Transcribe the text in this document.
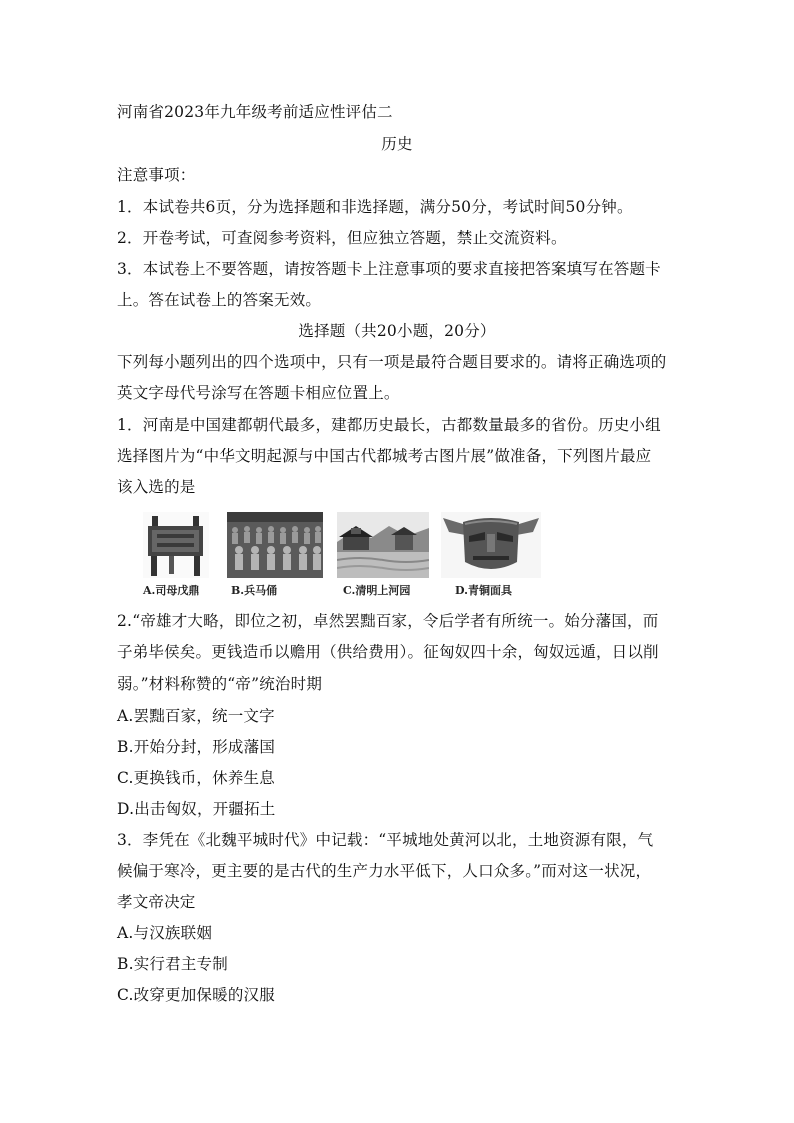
河南省2023年九年级考前适应性评估二
历史
注意事项：
1．本试卷共6页，分为选择题和非选择题，满分50分，考试时间50分钟。
2．开卷考试，可查阅参考资料，但应独立答题，禁止交流资料。
3．本试卷上不要答题，请按答题卡上注意事项的要求直接把答案填写在答题卡
上。答在试卷上的答案无效。
选择题（共20小题，20分）
下列每小题列出的四个选项中，只有一项是最符合题目要求的。请将正确选项的
英文字母代号涂写在答题卡相应位置上。
1．河南是中国建都朝代最多，建都历史最长，古都数量最多的省份。历史小组
选择图片为“中华文明起源与中国古代都城考古图片展”做准备，下列图片最应
该入选的是
A.司母戊鼎	B.兵马俑	C.清明上河园	D.青铜面具
2.“帝雄才大略，即位之初，卓然罢黜百家，令后学者有所统一。始分藩国，而
子弟毕侯矣。更钱造币以赡用（供给费用）。征匈奴四十余，匈奴远遁，日以削
弱。”材料称赞的“帝”统治时期
A.罢黜百家，统一文字
B.开始分封，形成藩国
C.更换钱币，休养生息
D.出击匈奴，开疆拓土
3．李凭在《北魏平城时代》中记载：“平城地处黄河以北，土地资源有限，气
候偏于寒冷，更主要的是古代的生产力水平低下，人口众多。”而对这一状况，
孝文帝决定
A.与汉族联姻
B.实行君主专制
C.改穿更加保暖的汉服
